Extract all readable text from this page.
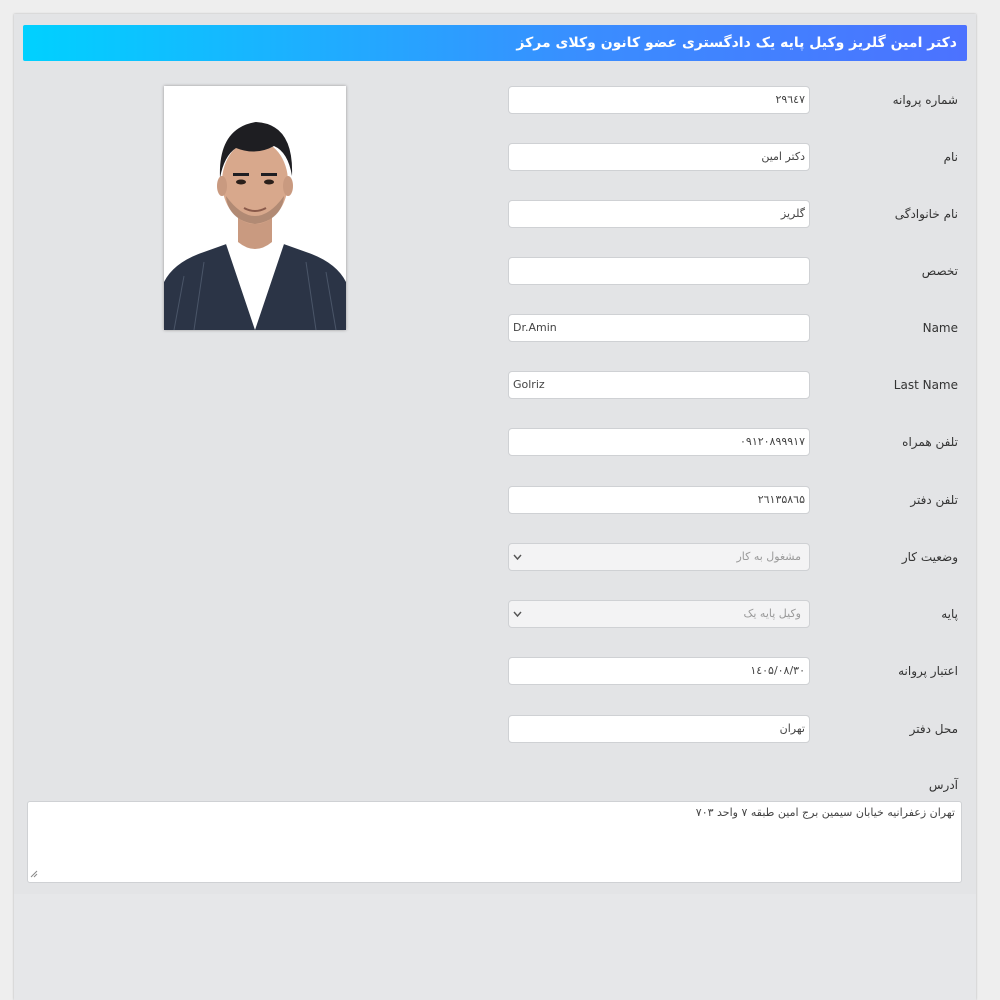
دکتر امین گلریز وکیل پایه یک دادگستری عضو کانون وکلای مرکز
شماره پروانه
۲۹٦٤٧
نام
دکتر امین
نام خانوادگی
گلریز
تخصص
Name
Dr.Amin
Last Name
Golriz
تلفن همراه
۰۹۱۲۰۸۹۹۹۱۷
تلفن دفتر
۲٦۱۳۵۸٦۵
وضعیت کار
مشغول به کار
پایه
وکیل پایه یک
اعتبار پروانه
۱٤۰۵/۰۸/۳۰
محل دفتر
تهران
آدرس
تهران زعفرانیه خیابان سیمین برج امین طبقه ۷ واحد ۷۰۳
